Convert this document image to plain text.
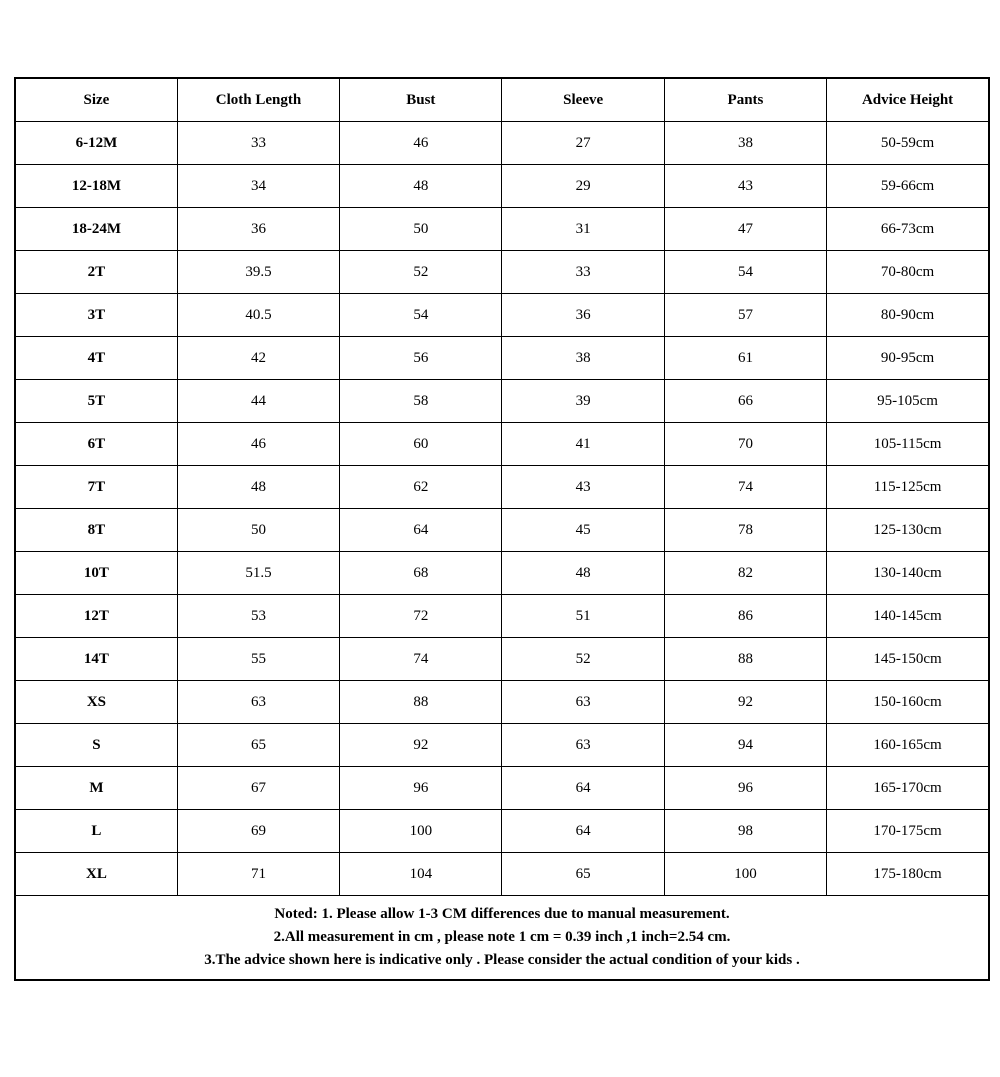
Size	Cloth Length	Bust	Sleeve	Pants	Advice Height
6-12M	33	46	27	38	50-59cm
12-18M	34	48	29	43	59-66cm
18-24M	36	50	31	47	66-73cm
2T	39.5	52	33	54	70-80cm
3T	40.5	54	36	57	80-90cm
4T	42	56	38	61	90-95cm
5T	44	58	39	66	95-105cm
6T	46	60	41	70	105-115cm
7T	48	62	43	74	115-125cm
8T	50	64	45	78	125-130cm
10T	51.5	68	48	82	130-140cm
12T	53	72	51	86	140-145cm
14T	55	74	52	88	145-150cm
XS	63	88	63	92	150-160cm
S	65	92	63	94	160-165cm
M	67	96	64	96	165-170cm
L	69	100	64	98	170-175cm
XL	71	104	65	100	175-180cm

Noted: 1. Please allow 1-3 CM differences due to manual measurement.
2.All measurement in cm , please note 1 cm = 0.39 inch ,1 inch=2.54 cm.
3.The advice shown here is indicative only . Please consider the actual condition of your kids .					
